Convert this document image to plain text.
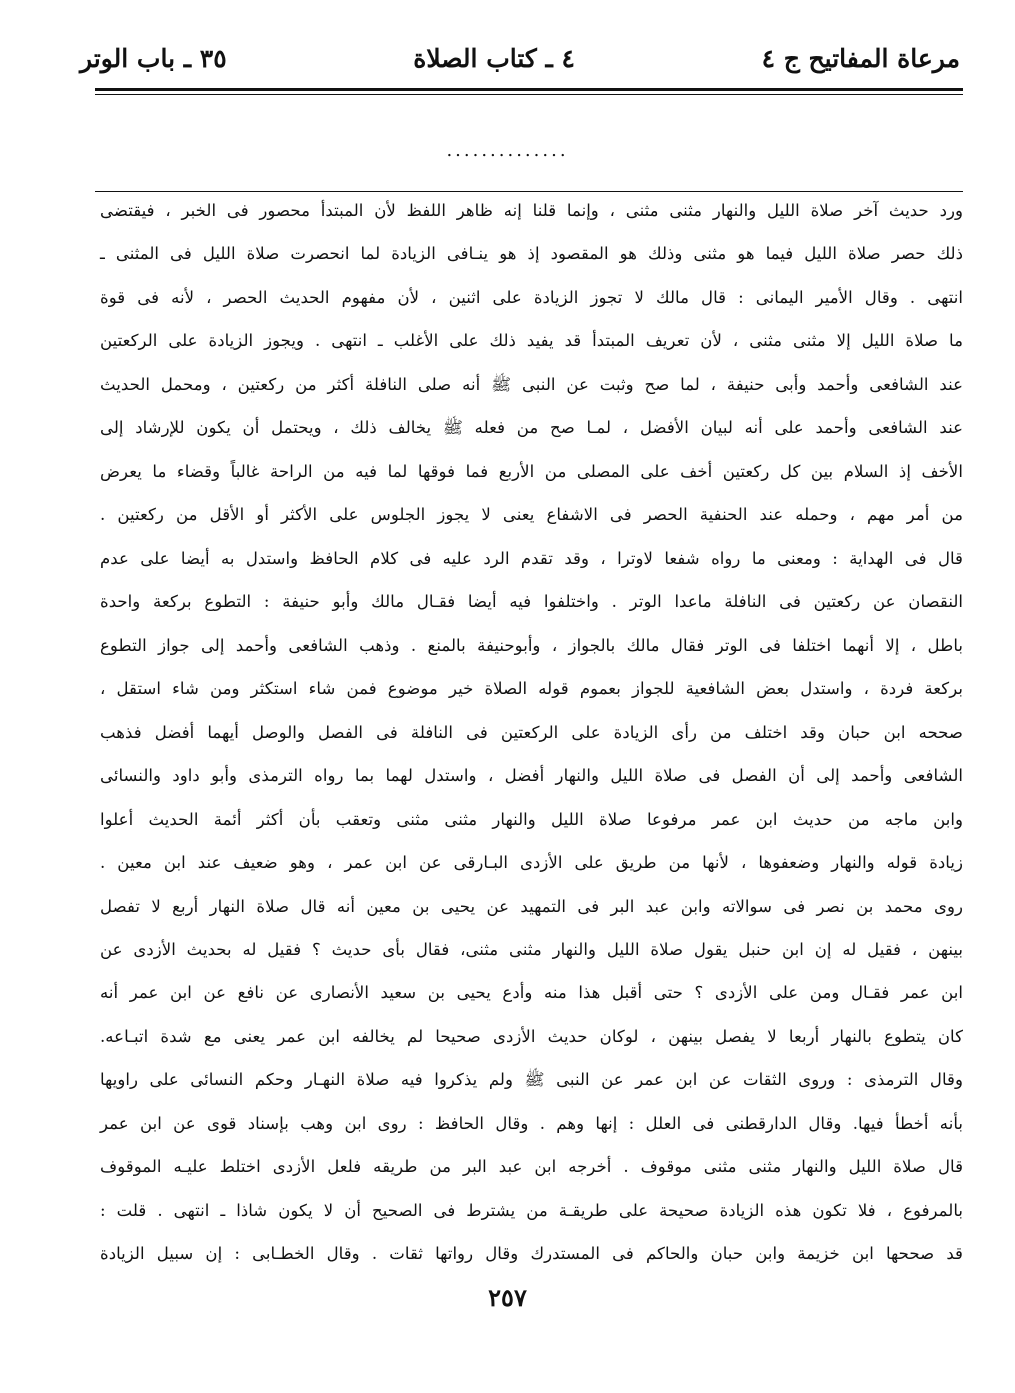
مرعاة المفاتيح ج ٤
٤ ـ كتاب الصلاة
٣٥ ـ باب الوتر
..............
ورد حديث آخر صلاة الليل والنهار مثنى مثنى ، وإنما قلنا إنه ظاهر اللفظ لأن المبتدأ محصور فى الخبر ، فيقتضى
ذلك حصر صلاة الليل فيما هو مثنى وذلك هو المقصود إذ هو ينـافى الزيادة لما انحصرت صلاة الليل فى المثنى ـ
انتهى . وقال الأمير اليمانى : قال مالك لا تجوز الزيادة على اثنين ، لأن مفهوم الحديث الحصر ، لأنه فى قوة
ما صلاة الليل إلا مثنى مثنى ، لأن تعريف المبتدأ قد يفيد ذلك على الأغلب ـ انتهى . ويجوز الزيادة على الركعتين
عند الشافعى وأحمد وأبى حنيفة ، لما صح وثبت عن النبى ﷺ أنه صلى النافلة أكثر من ركعتين ، ومحمل الحديث
عند الشافعى وأحمد على أنه لبيان الأفضل ، لمـا صح من فعله ﷺ يخالف ذلك ، ويحتمل أن يكون للإرشاد إلى
الأخف إذ السلام بين كل ركعتين أخف على المصلى من الأربع فما فوقها لما فيه من الراحة غالباً وقضاء ما يعرض
من أمر مهم ، وحمله عند الحنفية الحصر فى الاشفاع يعنى لا يجوز الجلوس على الأكثر أو الأقل من ركعتين .
قال فى الهداية : ومعنى ما رواه شفعا لاوترا ، وقد تقدم الرد عليه فى كلام الحافظ واستدل به أيضا على عدم
النقصان عن ركعتين فى النافلة ماعدا الوتر . واختلفوا فيه أيضا فقـال مالك وأبو حنيفة : التطوع بركعة واحدة
باطل ، إلا أنهما اختلفا فى الوتر فقال مالك بالجواز ، وأبوحنيفة بالمنع . وذهب الشافعى وأحمد إلى جواز التطوع
بركعة فردة ، واستدل بعض الشافعية للجواز بعموم قوله الصلاة خير موضوع فمن شاء استكثر ومن شاء استقل ،
صححه ابن حبان وقد اختلف من رأى الزيادة على الركعتين فى النافلة فى الفصل والوصل أيهما أفضل فذهب
الشافعى وأحمد إلى أن الفصل فى صلاة الليل والنهار أفضل ، واستدل لهما بما رواه الترمذى وأبو داود والنسائى
وابن ماجه من حديث ابن عمر مرفوعا صلاة الليل والنهار مثنى مثنى وتعقب بأن أكثر أئمة الحديث أعلوا
زيادة قوله والنهار وضعفوها ، لأنها من طريق على الأزدى البـارقى عن ابن عمر ، وهو ضعيف عند ابن معين .
روى محمد بن نصر فى سوالاته وابن عبد البر فى التمهيد عن يحيى بن معين أنه قال صلاة النهار أربع لا تفصل
بينهن ، فقيل له إن ابن حنبل يقول صلاة الليل والنهار مثنى مثنى، فقال بأى حديث ؟ فقيل له بحديث الأزدى عن
ابن عمر فقـال ومن على الأزدى ؟ حتى أقبل هذا منه وأدع يحيى بن سعيد الأنصارى عن نافع عن ابن عمر أنه
كان يتطوع بالنهار أربعا لا يفصل بينهن ، لوكان حديث الأزدى صحيحا لم يخالفه ابن عمر يعنى مع شدة اتبـاعه.
وقال الترمذى : وروى الثقات عن ابن عمر عن النبى ﷺ ولم يذكروا فيه صلاة النهـار وحكم النسائى على راويها
بأنه أخطأ فيها. وقال الدارقطنى فى العلل : إنها وهم . وقال الحافظ : روى ابن وهب بإسناد قوى عن ابن عمر
قال صلاة الليل والنهار مثنى مثنى موقوف . أخرجه ابن عبد البر من طريقه فلعل الأزدى اختلط عليـه الموقوف
بالمرفوع ، فلا تكون هذه الزيادة صحيحة على طريقـة من يشترط فى الصحيح أن لا يكون شاذا ـ انتهى . قلت :
قد صححها ابن خزيمة وابن حبان والحاكم فى المستدرك وقال رواتها ثقات . وقال الخطـابى : إن سبيل الزيادة
٢٥٧
